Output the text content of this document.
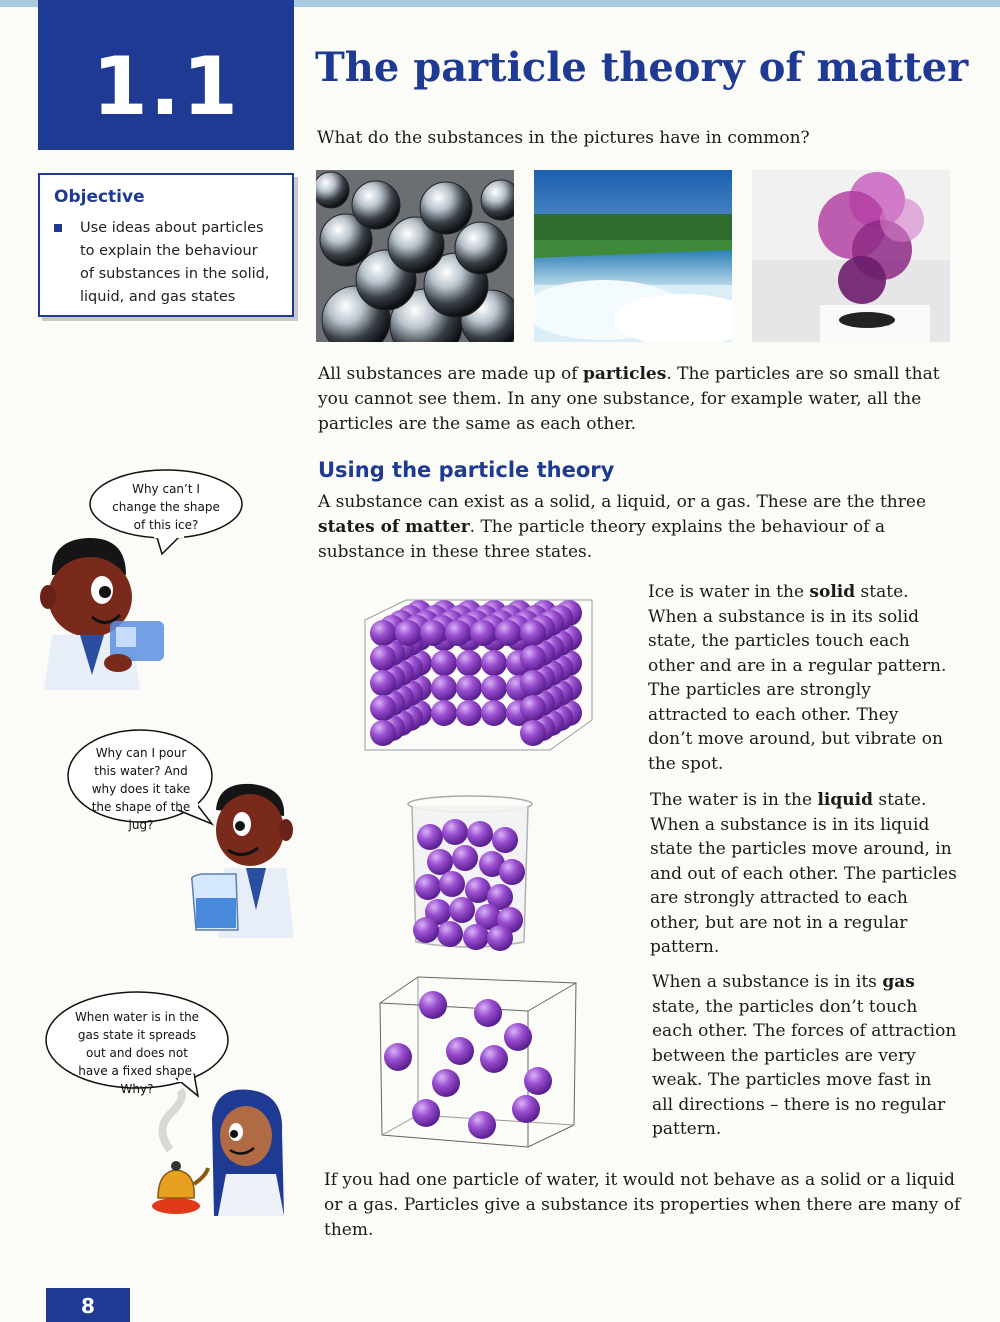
1.1	The particle theory of matter

What do the substances in the pictures have in common?

Objective
Use ideas about particles to explain the behaviour of substances in the solid, liquid, and gas states

All substances are made up of particles. The particles are so small that you cannot see them. In any one substance, for example water, all the particles are the same as each other.

Using the particle theory

A substance can exist as a solid, a liquid, or a gas. These are the three states of matter. The particle theory explains the behaviour of a substance in these three states.

Ice is water in the solid state. When a substance is in its solid state, the particles touch each other and are in a regular pattern. The particles are strongly attracted to each other. They don’t move around, but vibrate on the spot.

The water is in the liquid state. When a substance is in its liquid state the particles move around, in and out of each other. The particles are strongly attracted to each other, but are not in a regular pattern.

When a substance is in its gas state, the particles don’t touch each other. The forces of attraction between the particles are very weak. The particles move fast in all directions – there is no regular pattern.

If you had one particle of water, it would not behave as a solid or a liquid or a gas. Particles give a substance its properties when there are many of them.

Why can’t I change the shape of this ice?
Why can I pour this water? And why does it take the shape of the jug?
When water is in the gas state it spreads out and does not have a fixed shape. Why?
8
